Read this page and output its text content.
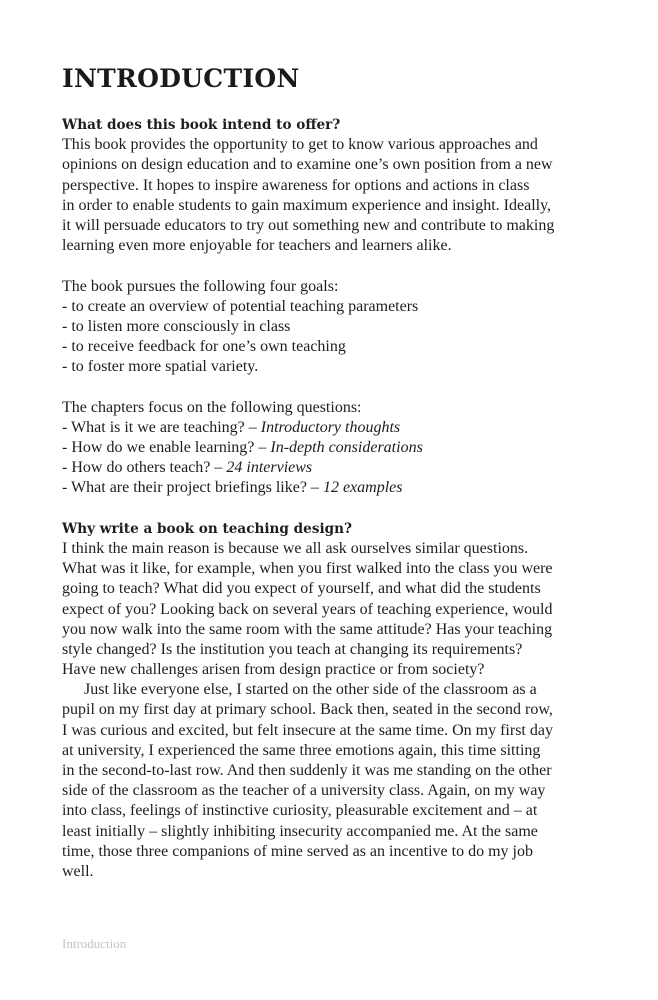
INTRODUCTION
What does this book intend to offer?
This book provides the opportunity to get to know various approaches and
opinions on design education and to examine one’s own position from a new
perspective. It hopes to inspire awareness for options and actions in class
in order to enable students to gain maximum experience and insight. Ideally,
it will persuade educators to try out something new and contribute to making
learning even more enjoyable for teachers and learners alike.
The book pursues the following four goals:
- to create an overview of potential teaching parameters
- to listen more consciously in class
- to receive feedback for one’s own teaching
- to foster more spatial variety.
The chapters focus on the following questions:
- What is it we are teaching? – Introductory thoughts
- How do we enable learning? – In-depth considerations
- How do others teach? – 24 interviews
- What are their project briefings like? – 12 examples
Why write a book on teaching design?
I think the main reason is because we all ask ourselves similar questions.
What was it like, for example, when you first walked into the class you were
going to teach? What did you expect of yourself, and what did the students
expect of you? Looking back on several years of teaching experience, would
you now walk into the same room with the same attitude? Has your teaching
style changed? Is the institution you teach at changing its requirements?
Have new challenges arisen from design practice or from society?
Just like everyone else, I started on the other side of the classroom as a
pupil on my first day at primary school. Back then, seated in the second row,
I was curious and excited, but felt insecure at the same time. On my first day
at university, I experienced the same three emotions again, this time sitting
in the second-to-last row. And then suddenly it was me standing on the other
side of the classroom as the teacher of a university class. Again, on my way
into class, feelings of instinctive curiosity, pleasurable excitement and – at
least initially – slightly inhibiting insecurity accompanied me. At the same
time, those three companions of mine served as an incentive to do my job
well.
Introduction
